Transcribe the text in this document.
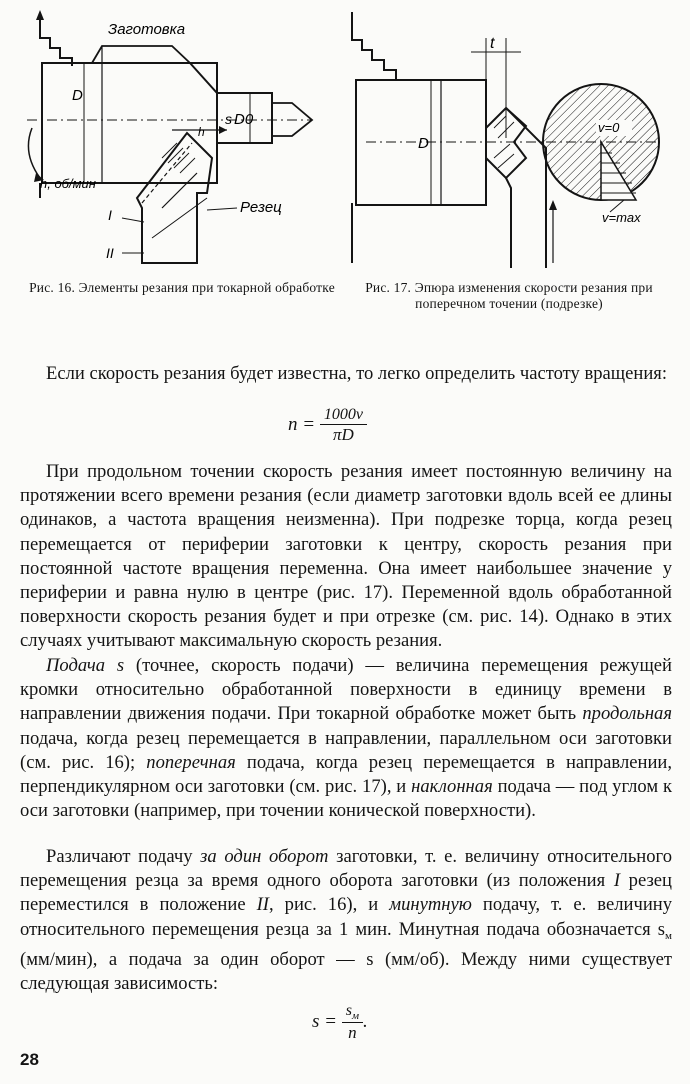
Заготовка
D
D0
s
h
n, об/мин
Резец
I
II
v=0
v=max
t
D
Рис. 16. Элементы резания при токарной обработке	Рис. 17. Эпюра изменения скорости резания при поперечном точении (подрезке)

Если скорость резания будет известна, то легко определить частоту вращения:

$n = \frac{1000v}{\pi D}$

При продольном точении скорость резания имеет постоянную величину на протяжении всего времени резания (если диаметр заготовки вдоль всей ее длины одинаков, а частота вращения неизменна). При подрезке торца, когда резец перемещается от периферии заготовки к центру, скорость резания при постоянной частоте вращения переменна. Она имеет наибольшее значение у периферии и равна нулю в центре (рис. 17). Переменной вдоль обработанной поверхности скорость резания будет и при отрезке (см. рис. 14). Однако в этих случаях учитывают максимальную скорость резания.

Подача s (точнее, скорость подачи) — величина перемещения режущей кромки относительно обработанной поверхности в единицу времени в направлении движения подачи. При токарной обработке может быть продольная подача, когда резец перемещается в направлении, параллельном оси заготовки (см. рис. 16); поперечная подача, когда резец перемещается в направлении, перпендикулярном оси заготовки (см. рис. 17), и наклонная подача — под углом к оси заготовки (например, при точении конической поверхности).

Различают подачу за один оборот заготовки, т. е. величину относительного перемещения резца за время одного оборота заготовки (из положения I резец переместился в положение II, рис. 16), и минутную подачу, т. е. величину относительного перемещения резца за 1 мин. Минутная подача обозначается $s_м$ (мм/мин), а подача за один оборот — s (мм/об). Между ними существует следующая зависимость:

$s = \frac{s_м}{n}$ .
28
